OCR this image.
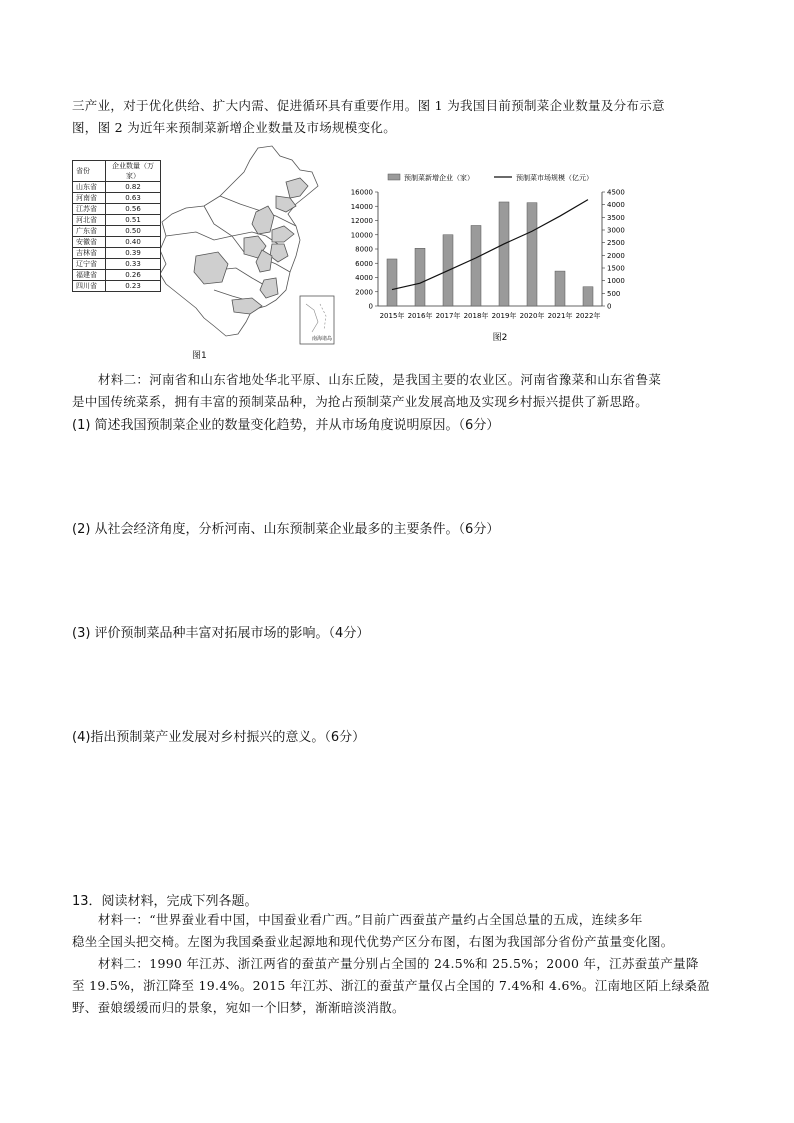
三产业，对于优化供给、扩大内需、促进循环具有重要作用。图 1 为我国目前预制菜企业数量及分布示意
图，图 2 为近年来预制菜新增企业数量及市场规模变化。
南海诸岛
省份	企业数量（万家）
山东省	0.82
河南省	0.63
江苏省	0.56
河北省	0.51
广东省	0.50
安徽省	0.40
吉林省	0.39
辽宁省	0.33
福建省	0.26
四川省	0.23
图1
0
2000
4000
6000
8000
10000
12000
14000
16000
0
500
1000
1500
2000
2500
3000
3500
4000
4500
2015年 2016年 2017年 2018年 2019年 2020年 2021年 2022年
预制菜新增企业（家）	预制菜市场规模（亿元）
图2
材料二：河南省和山东省地处华北平原、山东丘陵，是我国主要的农业区。河南省豫菜和山东省鲁菜
是中国传统菜系，拥有丰富的预制菜品种，为抢占预制菜产业发展高地及实现乡村振兴提供了新思路。
(1) 简述我国预制菜企业的数量变化趋势，并从市场角度说明原因。（6分）
(2) 从社会经济角度，分析河南、山东预制菜企业最多的主要条件。（6分）
(3) 评价预制菜品种丰富对拓展市场的影响。（4分）
(4)指出预制菜产业发展对乡村振兴的意义。（6分）
13．阅读材料，完成下列各题。
材料一：“世界蚕业看中国，中国蚕业看广西。”目前广西蚕茧产量约占全国总量的五成，连续多年
稳坐全国头把交椅。左图为我国桑蚕业起源地和现代优势产区分布图，右图为我国部分省份产茧量变化图。
材料二：1990 年江苏、浙江两省的蚕茧产量分别占全国的 24.5%和 25.5%；2000 年，江苏蚕茧产量降
至 19.5%，浙江降至 19.4%。2015 年江苏、浙江的蚕茧产量仅占全国的 7.4%和 4.6%。江南地区陌上绿桑盈
野、蚕娘缓缓而归的景象，宛如一个旧梦，渐渐暗淡消散。
